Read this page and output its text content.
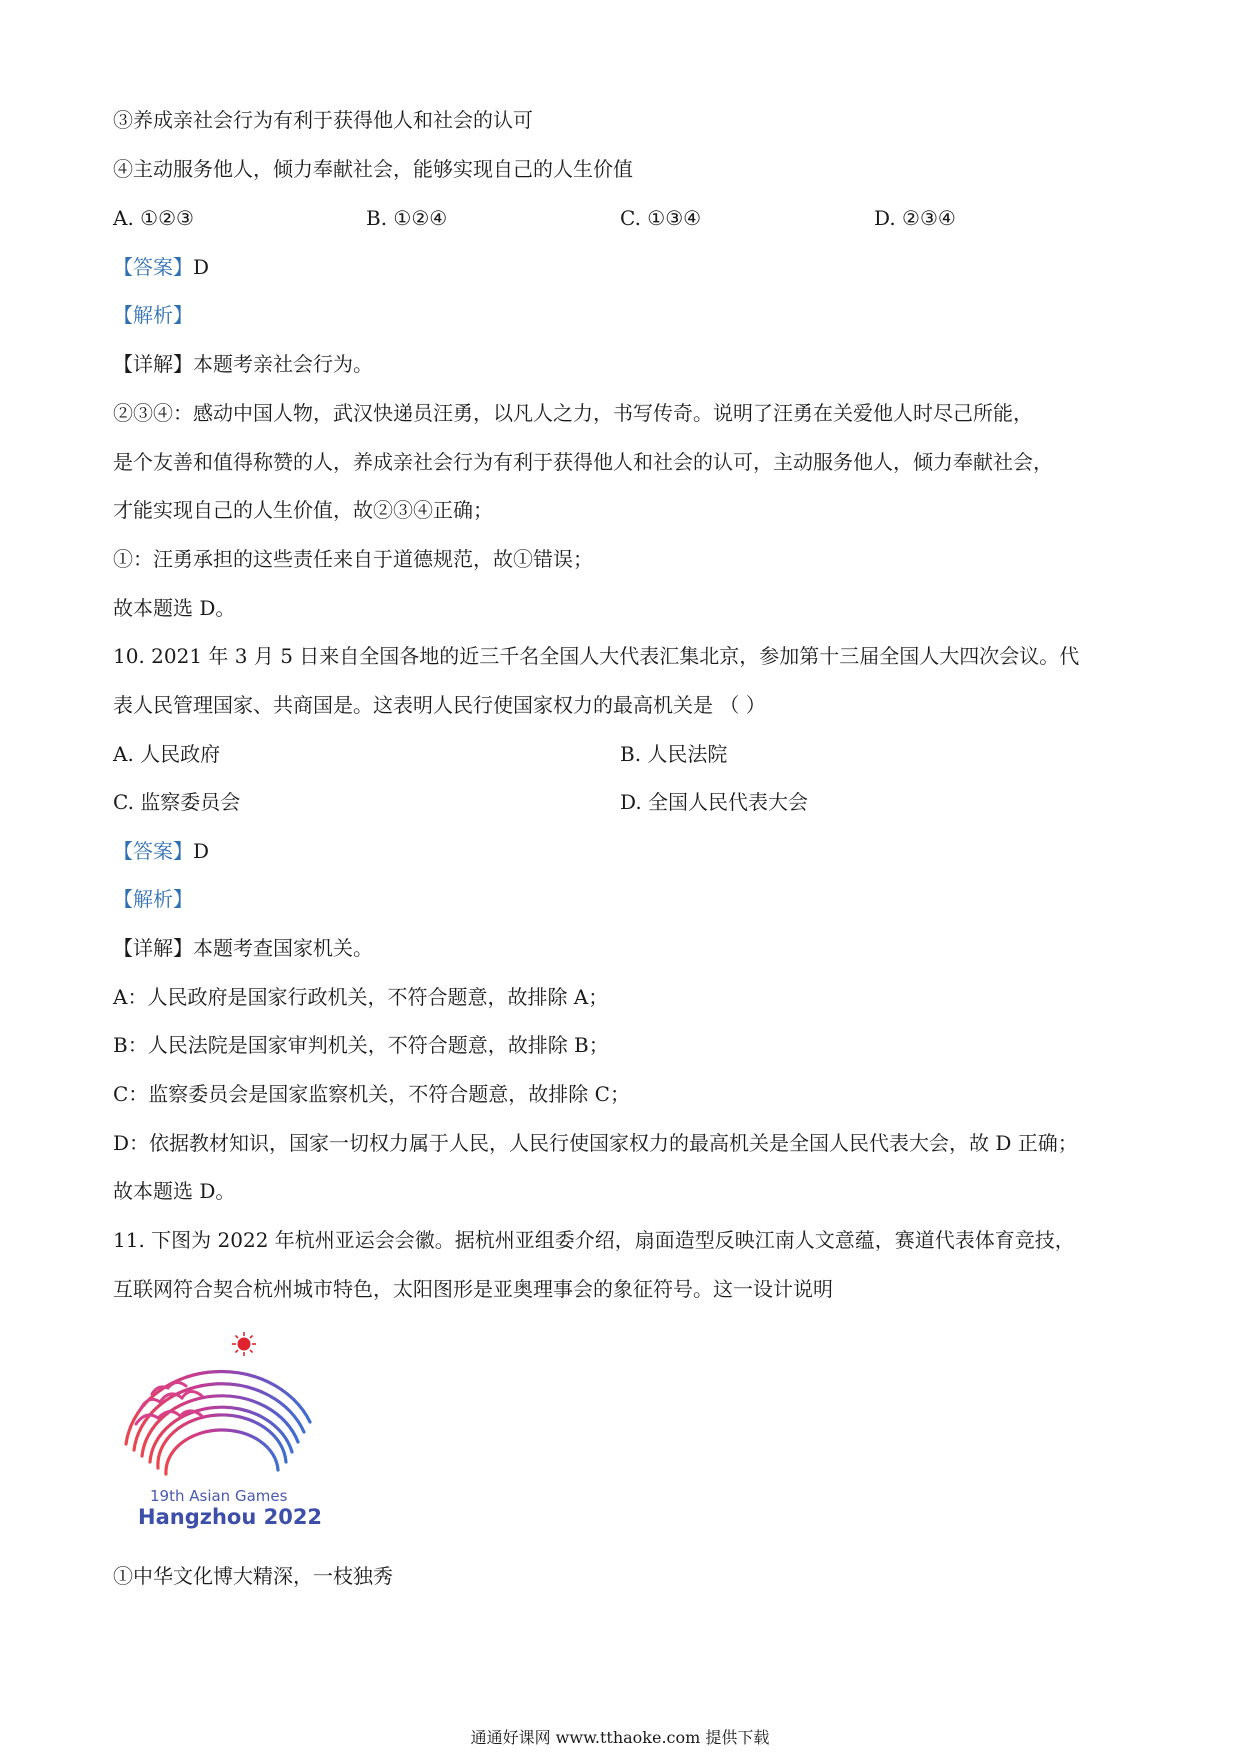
③养成亲社会行为有利于获得他人和社会的认可
④主动服务他人，倾力奉献社会，能够实现自己的人生价值
A. ①②③	B. ①②④	C. ①③④	D. ②③④
【答案】D
【解析】
【详解】本题考亲社会行为。
②③④：感动中国人物，武汉快递员汪勇，以凡人之力，书写传奇。说明了汪勇在关爱他人时尽己所能，
是个友善和值得称赞的人，养成亲社会行为有利于获得他人和社会的认可，主动服务他人，倾力奉献社会，
才能实现自己的人生价值，故②③④正确；
①：汪勇承担的这些责任来自于道德规范，故①错误；
故本题选 D。
10. 2021 年 3 月 5 日来自全国各地的近三千名全国人大代表汇集北京，参加第十三届全国人大四次会议。代
表人民管理国家、共商国是。这表明人民行使国家权力的最高机关是 （ ）
A. 人民政府	B. 人民法院
C. 监察委员会	D. 全国人民代表大会
【答案】D
【解析】
【详解】本题考查国家机关。
A：人民政府是国家行政机关，不符合题意，故排除 A；
B：人民法院是国家审判机关，不符合题意，故排除 B；
C：监察委员会是国家监察机关，不符合题意，故排除 C；
D：依据教材知识，国家一切权力属于人民，人民行使国家权力的最高机关是全国人民代表大会，故 D 正确；
故本题选 D。
11. 下图为 2022 年杭州亚运会会徽。据杭州亚组委介绍，扇面造型反映江南人文意蕴，赛道代表体育竞技，
互联网符合契合杭州城市特色，太阳图形是亚奥理事会的象征符号。这一设计说明
19th Asian Games
Hangzhou 2022
①中华文化博大精深，一枝独秀
通通好课网 www.tthaoke.com 提供下载
